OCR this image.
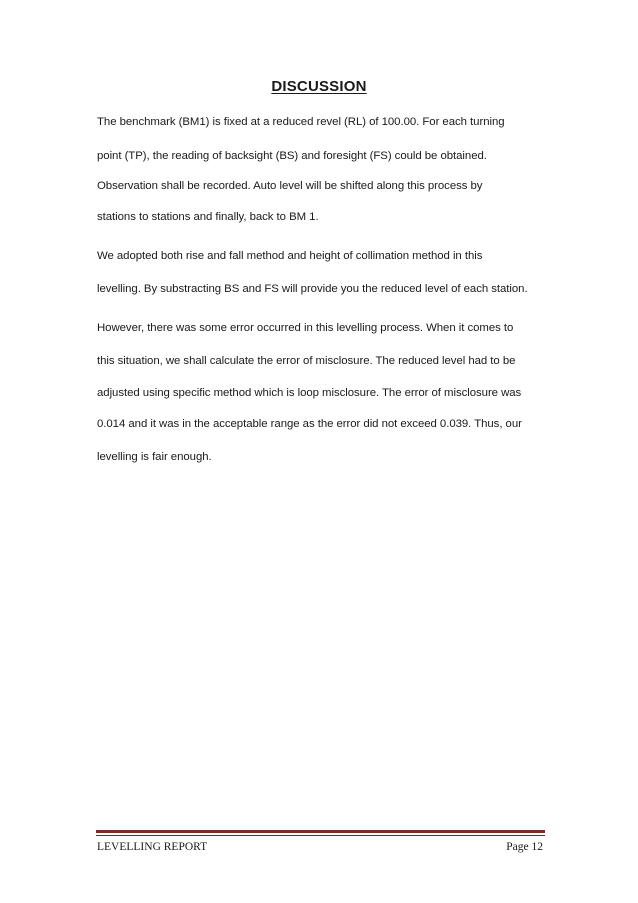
DISCUSSION
The benchmark (BM1) is fixed at a reduced revel (RL) of 100.00. For each turning
point (TP), the reading of backsight (BS) and foresight (FS) could be obtained.
Observation shall be recorded. Auto level will be shifted along this process by
stations to stations and finally, back to BM 1.
We adopted both rise and fall method and height of collimation method in this
levelling. By substracting BS and FS will provide you the reduced level of each station.
However, there was some error occurred in this levelling process. When it comes to
this situation, we shall calculate the error of misclosure. The reduced level had to be
adjusted using specific method which is loop misclosure. The error of misclosure was
0.014 and it was in the acceptable range as the error did not exceed 0.039. Thus, our
levelling is fair enough.
LEVELLING REPORT	Page 12
